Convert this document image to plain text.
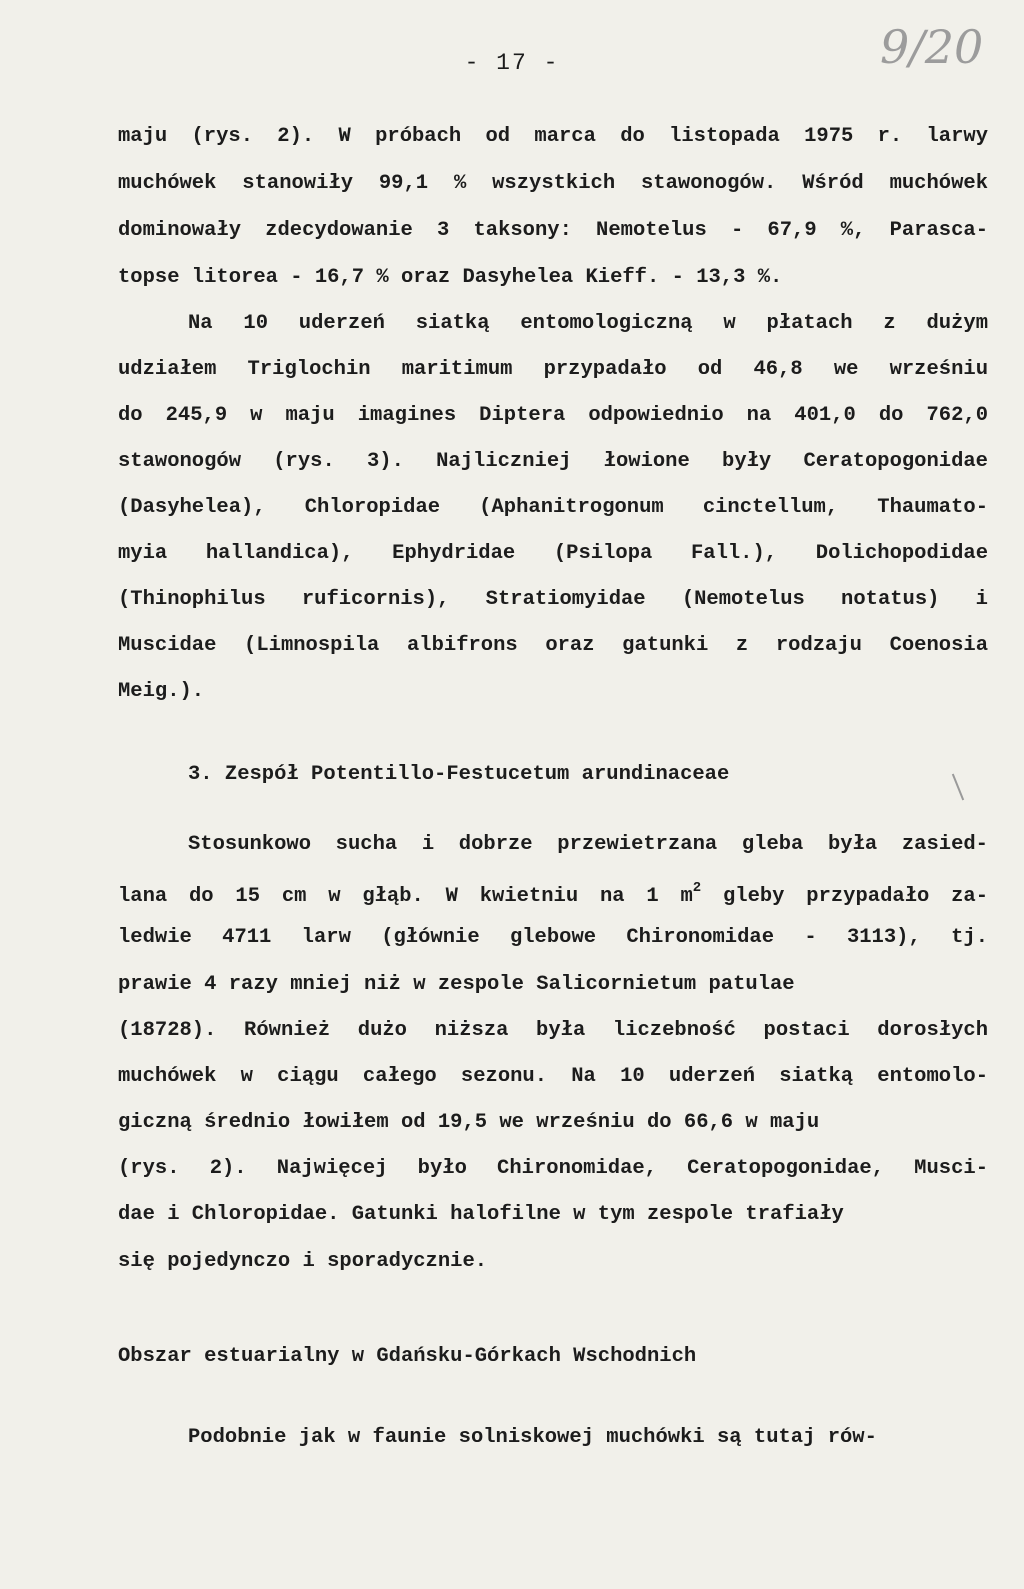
- 17 -	9/20
maju (rys. 2). W próbach od marca do listopada 1975 r. larwy
muchówek stanowiły 99,1 % wszystkich stawonogów. Wśród muchówek
dominowały zdecydowanie 3 taksony: Nemotelus - 67,9 %, Parasca-
topse litorea - 16,7 % oraz Dasyhelea Kieff. - 13,3 %.
Na 10 uderzeń siatką entomologiczną w płatach z dużym
udziałem Triglochin maritimum przypadało od 46,8 we wrześniu
do 245,9 w maju imagines Diptera odpowiednio na 401,0 do 762,0
stawonogów (rys. 3). Najliczniej łowione były Ceratopogonidae
(Dasyhelea), Chloropidae (Aphanitrogonum cinctellum, Thaumato-
myia hallandica), Ephydridae (Psilopa Fall.), Dolichopodidae
(Thinophilus ruficornis), Stratiomyidae (Nemotelus notatus) i
Muscidae (Limnospila albifrons oraz gatunki z rodzaju Coenosia
Meig.).
3. Zespół Potentillo-Festucetum arundinaceae
Stosunkowo sucha i dobrze przewietrzana gleba była zasied-
lana do 15 cm w głąb. W kwietniu na 1 $m^2$ gleby przypadało za-
ledwie 4711 larw (głównie glebowe Chironomidae - 3113), tj.
prawie 4 razy mniej niż w zespole Salicornietum patulae
(18728). Również dużo niższa była liczebność postaci dorosłych
muchówek w ciągu całego sezonu. Na 10 uderzeń siatką entomolo-
giczną średnio łowiłem od 19,5 we wrześniu do 66,6 w maju
(rys. 2). Najwięcej było Chironomidae, Ceratopogonidae, Musci-
dae i Chloropidae. Gatunki halofilne w tym zespole trafiały
się pojedynczo i sporadycznie.
Obszar estuarialny w Gdańsku-Górkach Wschodnich
Podobnie jak w faunie solniskowej muchówki są tutaj rów-
